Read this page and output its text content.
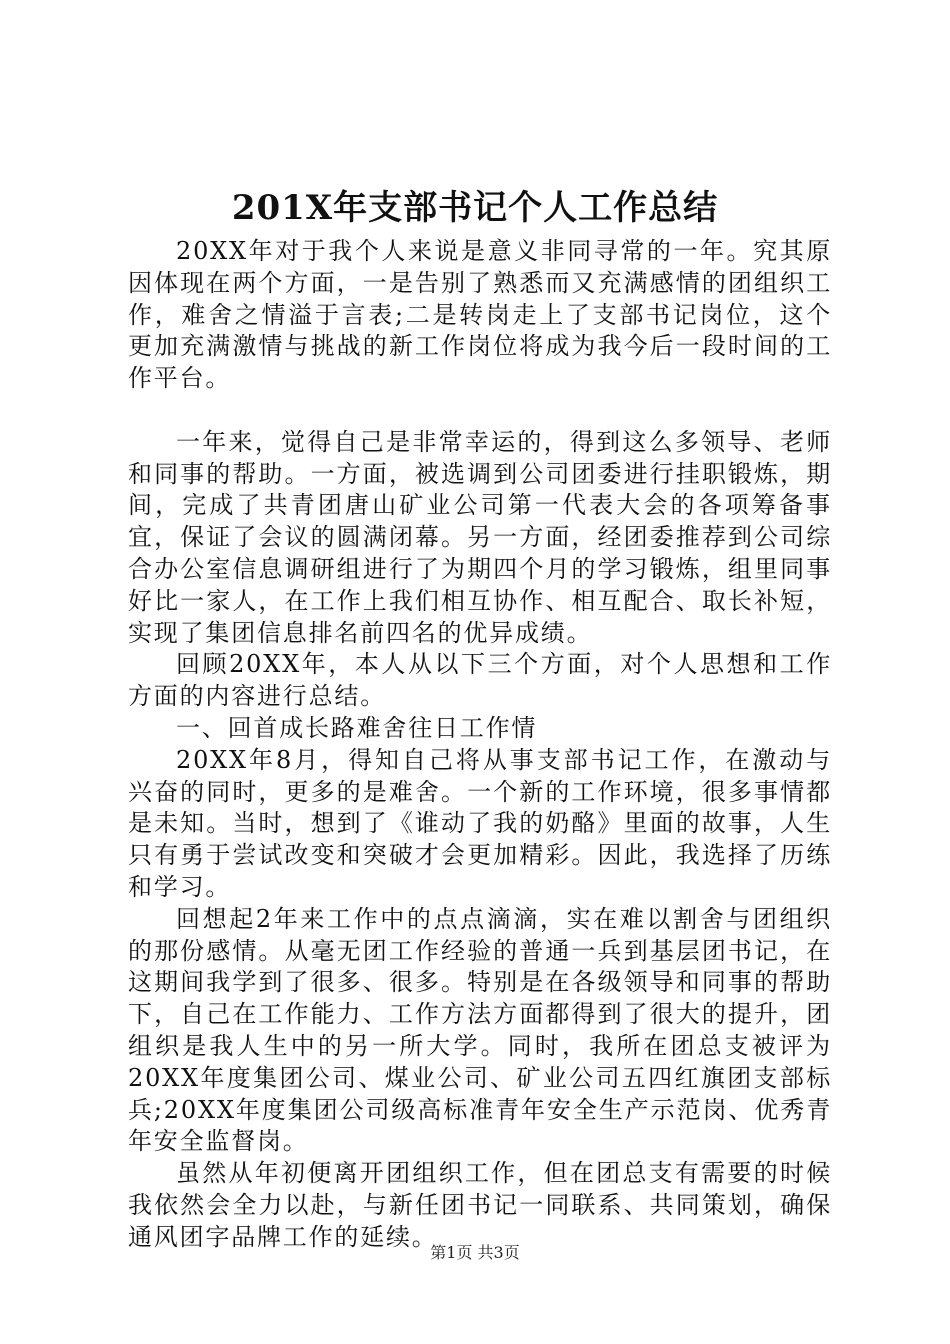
201X年支部书记个人工作总结

20XX年对于我个人来说是意义非同寻常的一年。究其原因体现在两个方面，一是告别了熟悉而又充满感情的团组织工作，难舍之情溢于言表;二是转岗走上了支部书记岗位，这个更加充满激情与挑战的新工作岗位将成为我今后一段时间的工作平台。

一年来，觉得自己是非常幸运的，得到这么多领导、老师和同事的帮助。一方面，被选调到公司团委进行挂职锻炼，期间，完成了共青团唐山矿业公司第一代表大会的各项筹备事宜，保证了会议的圆满闭幕。另一方面，经团委推荐到公司综合办公室信息调研组进行了为期四个月的学习锻炼，组里同事好比一家人，在工作上我们相互协作、相互配合、取长补短，实现了集团信息排名前四名的优异成绩。

回顾20XX年，本人从以下三个方面，对个人思想和工作方面的内容进行总结。

一、回首成长路难舍往日工作情

20XX年8月，得知自己将从事支部书记工作，在激动与兴奋的同时，更多的是难舍。一个新的工作环境，很多事情都是未知。当时，想到了《谁动了我的奶酪》里面的故事，人生只有勇于尝试改变和突破才会更加精彩。因此，我选择了历练和学习。

回想起2年来工作中的点点滴滴，实在难以割舍与团组织的那份感情。从毫无团工作经验的普通一兵到基层团书记，在这期间我学到了很多、很多。特别是在各级领导和同事的帮助下，自己在工作能力、工作方法方面都得到了很大的提升，团组织是我人生中的另一所大学。同时，我所在团总支被评为20XX年度集团公司、煤业公司、矿业公司五四红旗团支部标兵;20XX年度集团公司级高标准青年安全生产示范岗、优秀青年安全监督岗。

虽然从年初便离开团组织工作，但在团总支有需要的时候我依然会全力以赴，与新任团书记一同联系、共同策划，确保通风团字品牌工作的延续。

第1页 共3页
